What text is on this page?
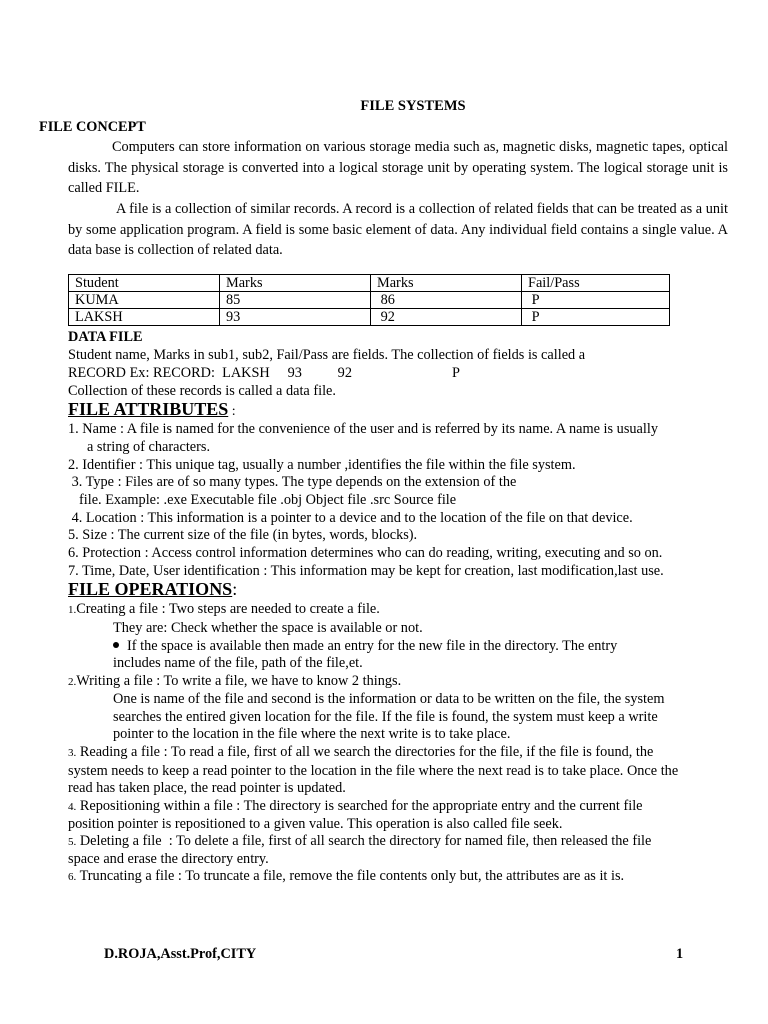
FILE SYSTEMS
FILE CONCEPT
Computers can store information on various storage media such as, magnetic disks, magnetic tapes, optical disks. The physical storage is converted into a logical storage unit by operating system. The logical storage unit is called FILE.
A file is a collection of similar records. A record is a collection of related fields that can be treated as a unit by some application program. A field is some basic element of data. Any individual field contains a single value. A data base is collection of related data.
Student	Marks	Marks	Fail/Pass
KUMA	85	86	P
LAKSH	93	92	P
DATA FILE
Student name, Marks in sub1, sub2, Fail/Pass are fields. The collection of fields is called a
RECORD Ex: RECORD:  LAKSH     93          92                            P
Collection of these records is called a data file.
FILE ATTRIBUTES :
1. Name : A file is named for the convenience of the user and is referred by its name. A name is usually
a string of characters.
2. Identifier : This unique tag, usually a number ,identifies the file within the file system.
3. Type : Files are of so many types. The type depends on the extension of the
file. Example: .exe Executable file .obj Object file .src Source file
4. Location : This information is a pointer to a device and to the location of the file on that device.
5. Size : The current size of the file (in bytes, words, blocks).
6. Protection : Access control information determines who can do reading, writing, executing and so on.
7. Time, Date, User identification : This information may be kept for creation, last modification,last use.
FILE OPERATIONS:
1.Creating a file : Two steps are needed to create a file.
They are: Check whether the space is available or not.
If the space is available then made an entry for the new file in the directory. The entry
includes name of the file, path of the file,et.
2.Writing a file : To write a file, we have to know 2 things.
One is name of the file and second is the information or data to be written on the file, the system
searches the entired given location for the file. If the file is found, the system must keep a write
pointer to the location in the file where the next write is to take place.
3. Reading a file : To read a file, first of all we search the directories for the file, if the file is found, the
system needs to keep a read pointer to the location in the file where the next read is to take place. Once the
read has taken place, the read pointer is updated.
4. Repositioning within a file : The directory is searched for the appropriate entry and the current file
position pointer is repositioned to a given value. This operation is also called file seek.
5. Deleting a file  : To delete a file, first of all search the directory for named file, then released the file
space and erase the directory entry.
6. Truncating a file : To truncate a file, remove the file contents only but, the attributes are as it is.
D.ROJA,Asst.Prof,CITY	1
